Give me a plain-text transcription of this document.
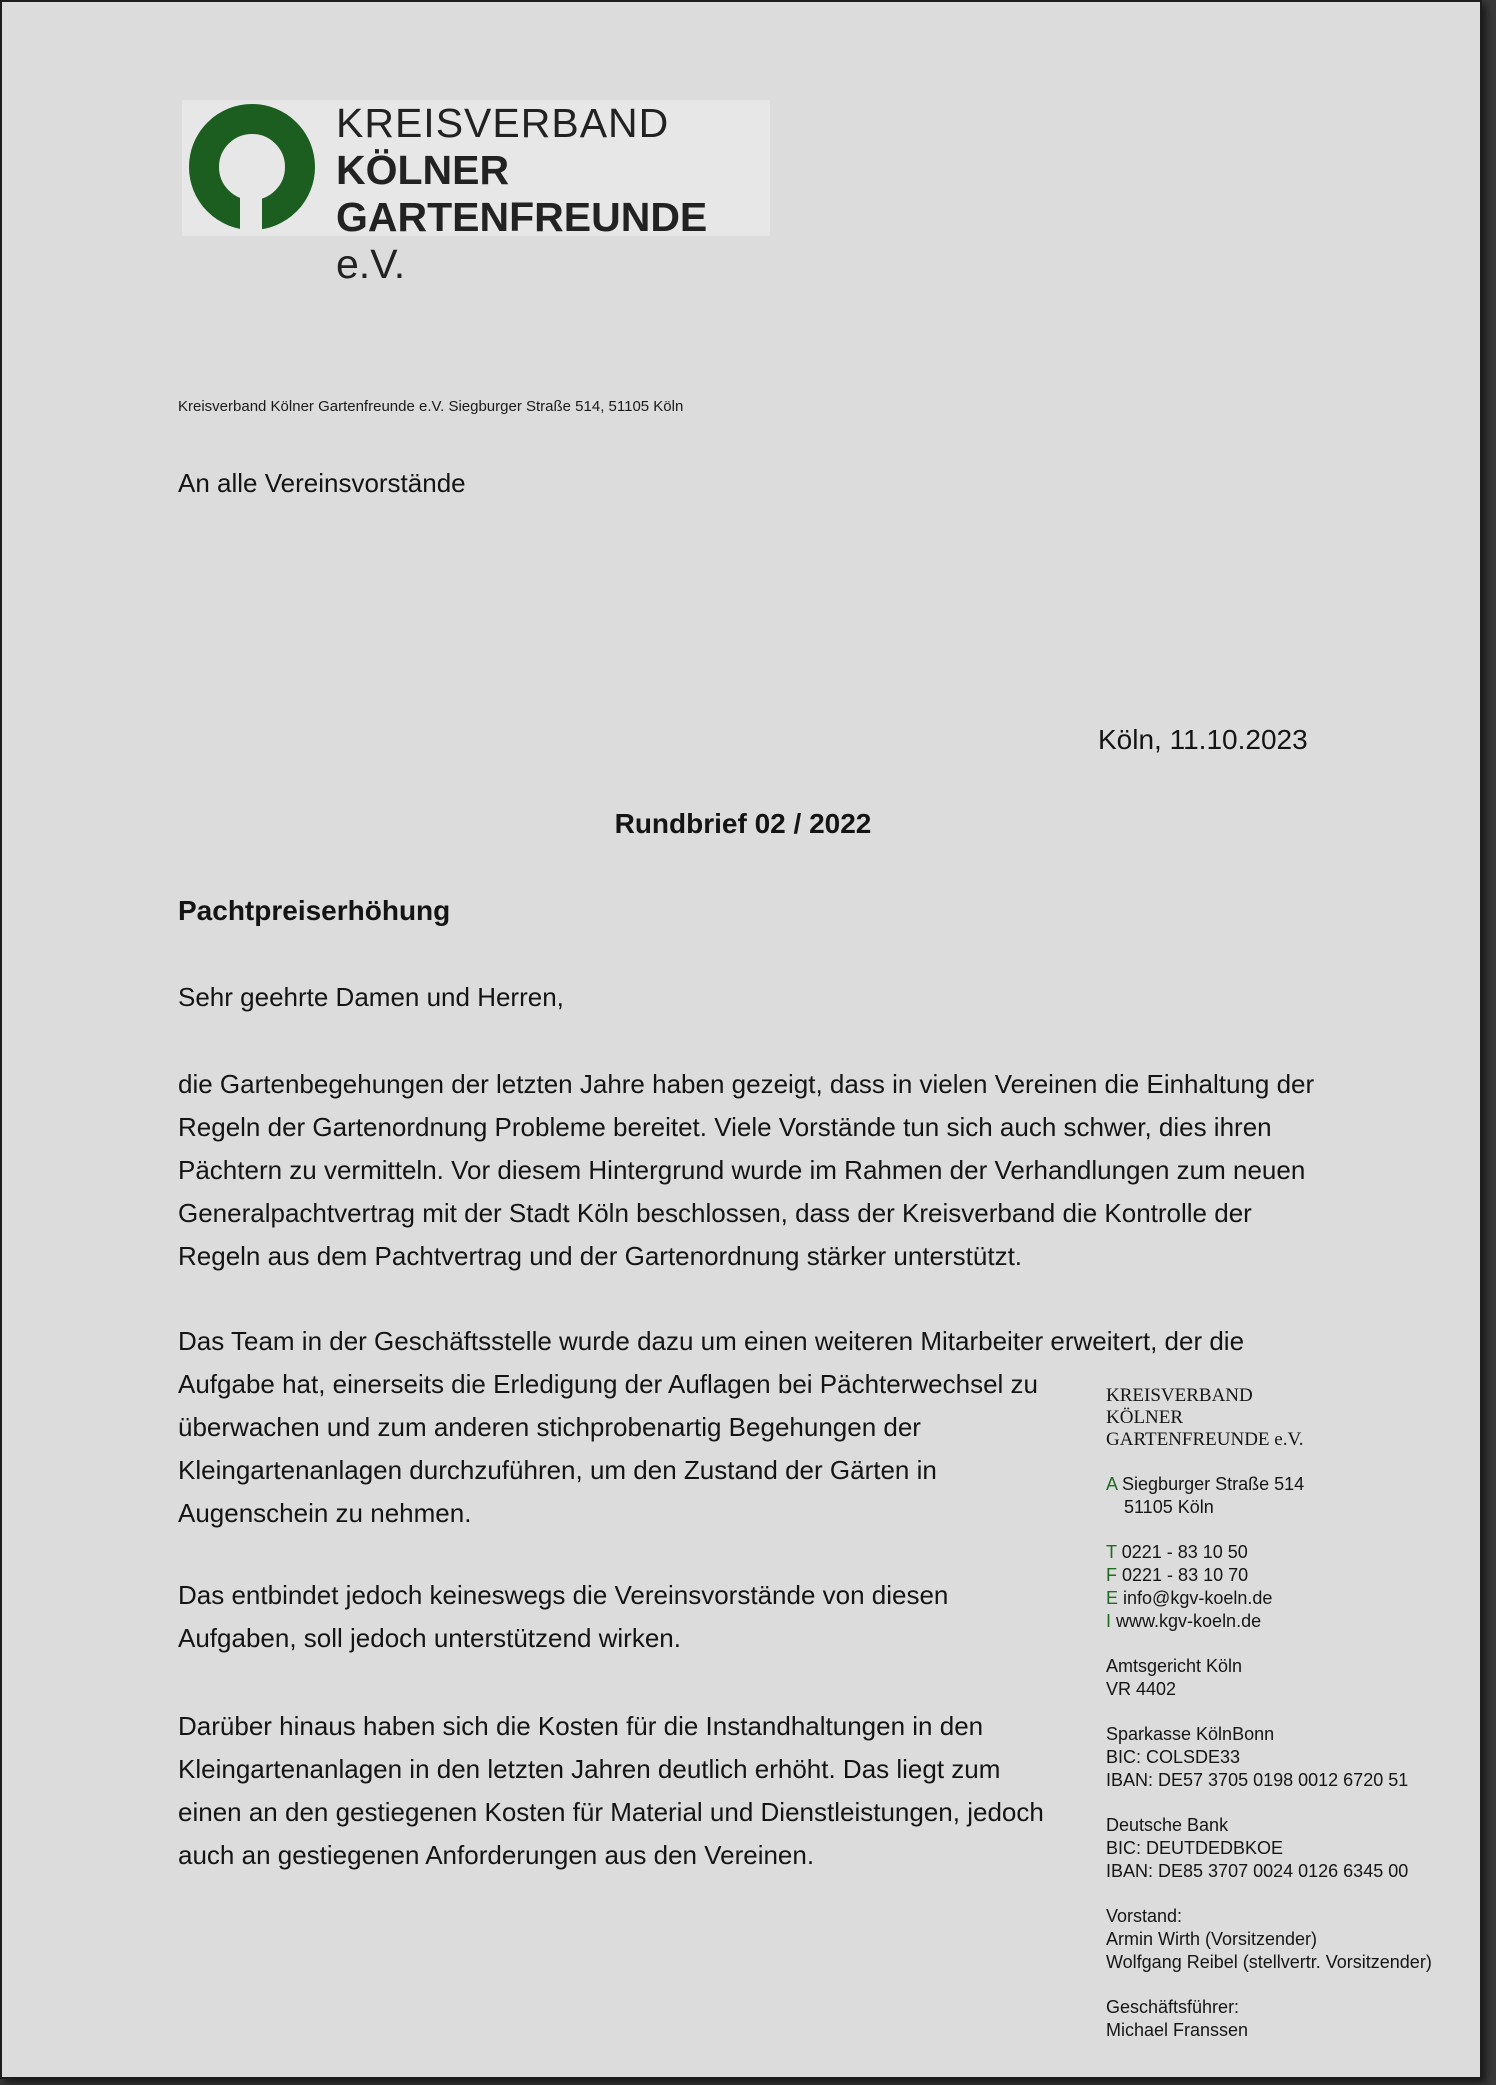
KREISVERBAND
KÖLNER
GARTENFREUNDE e.V.
Kreisverband Kölner Gartenfreunde e.V. Siegburger Straße 514, 51105 Köln
An alle Vereinsvorstände
Köln, 11.10.2023
Rundbrief 02 / 2022
Pachtpreiserhöhung
Sehr geehrte Damen und Herren,

die Gartenbegehungen der letzten Jahre haben gezeigt, dass in vielen Vereinen die Einhaltung der Regeln der Gartenordnung Probleme bereitet. Viele Vorstände tun sich auch schwer, dies ihren Pächtern zu vermitteln. Vor diesem Hintergrund wurde im Rahmen der Verhandlungen zum neuen Generalpachtvertrag mit der Stadt Köln beschlossen, dass der Kreisverband die Kontrolle der Regeln aus dem Pachtvertrag und der Gartenordnung stärker unterstützt.

Das Team in der Geschäftsstelle wurde dazu um einen weiteren Mitarbeiter erweitert, der die

Aufgabe hat, einerseits die Erledigung der Auflagen bei Pächterwechsel zu überwachen und zum anderen stichprobenartig Begehungen der Kleingartenanlagen durchzuführen, um den Zustand der Gärten in Augenschein zu nehmen.

Das entbindet jedoch keineswegs die Vereinsvorstände von diesen Aufgaben, soll jedoch unterstützend wirken.

Darüber hinaus haben sich die Kosten für die Instandhaltungen in den Kleingartenanlagen in den letzten Jahren deutlich erhöht. Das liegt zum einen an den gestiegenen Kosten für Material und Dienstleistungen, jedoch auch an gestiegenen Anforderungen aus den Vereinen.

KREISVERBAND
KÖLNER
GARTENFREUNDE e.V.
A Siegburger Straße 514
51105 Köln
T 0221 - 83 10 50
F 0221 - 83 10 70
E info@kgv-koeln.de
I www.kgv-koeln.de
Amtsgericht Köln
VR 4402
Sparkasse KölnBonn
BIC: COLSDE33
IBAN: DE57 3705 0198 0012 6720 51
Deutsche Bank
BIC: DEUTDEDBKOE
IBAN: DE85 3707 0024 0126 6345 00
Vorstand:
Armin Wirth (Vorsitzender)
Wolfgang Reibel (stellvertr. Vorsitzender)
Geschäftsführer:
Michael Franssen
